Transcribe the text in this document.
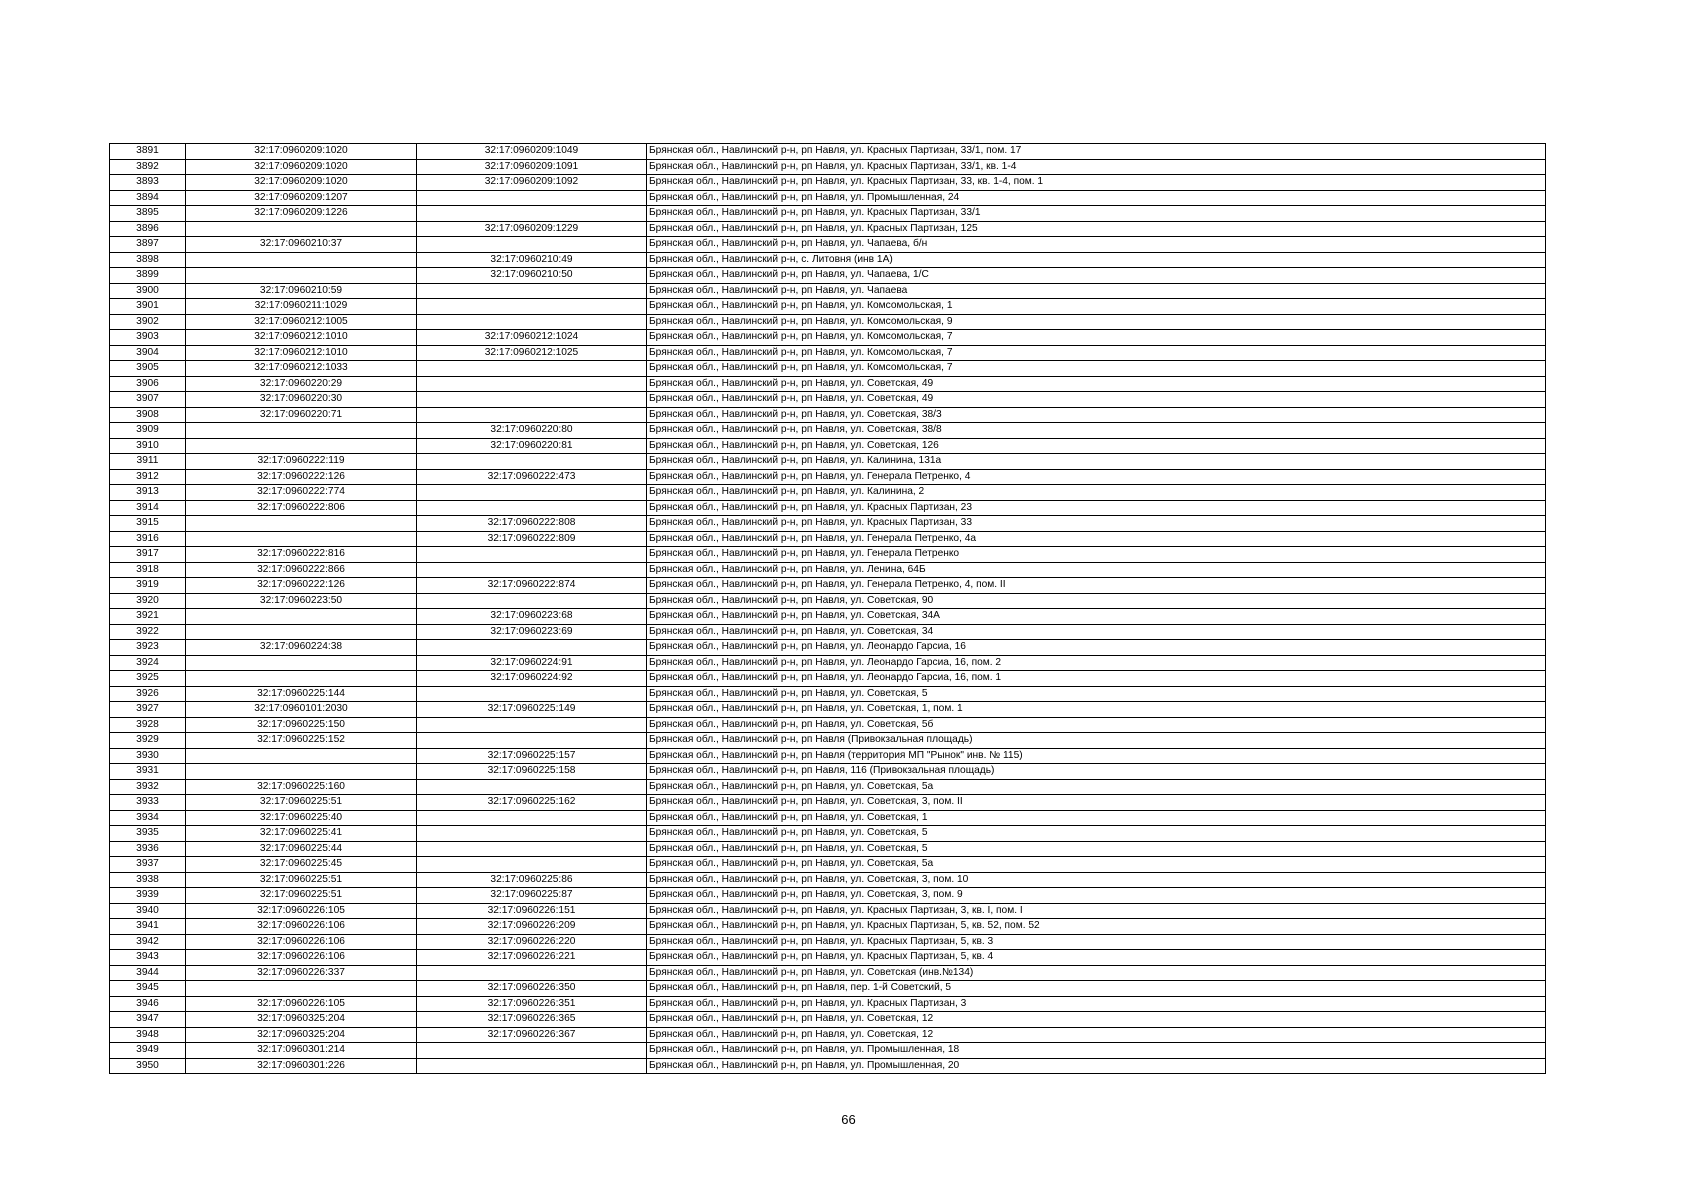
3891	32:17:0960209:1020	32:17:0960209:1049	Брянская обл., Навлинский р-н, рп Навля, ул. Красных Партизан, 33/1, пом. 17
3892	32:17:0960209:1020	32:17:0960209:1091	Брянская обл., Навлинский р-н, рп Навля, ул. Красных Партизан, 33/1, кв. 1-4
3893	32:17:0960209:1020	32:17:0960209:1092	Брянская обл., Навлинский р-н, рп Навля, ул. Красных Партизан, 33, кв. 1-4, пом. 1
3894	32:17:0960209:1207		Брянская обл., Навлинский р-н, рп Навля, ул. Промышленная, 24
3895	32:17:0960209:1226		Брянская обл., Навлинский р-н, рп Навля, ул. Красных Партизан, 33/1
3896		32:17:0960209:1229	Брянская обл., Навлинский р-н, рп Навля, ул. Красных Партизан, 125
3897	32:17:0960210:37		Брянская обл., Навлинский р-н, рп Навля, ул. Чапаева, б/н
3898		32:17:0960210:49	Брянская обл., Навлинский р-н, с. Литовня (инв 1А)
3899		32:17:0960210:50	Брянская обл., Навлинский р-н, рп Навля, ул. Чапаева, 1/С
3900	32:17:0960210:59		Брянская обл., Навлинский р-н, рп Навля, ул. Чапаева
3901	32:17:0960211:1029		Брянская обл., Навлинский р-н, рп Навля, ул. Комсомольская, 1
3902	32:17:0960212:1005		Брянская обл., Навлинский р-н, рп Навля, ул. Комсомольская, 9
3903	32:17:0960212:1010	32:17:0960212:1024	Брянская обл., Навлинский р-н, рп Навля, ул. Комсомольская, 7
3904	32:17:0960212:1010	32:17:0960212:1025	Брянская обл., Навлинский р-н, рп Навля, ул. Комсомольская, 7
3905	32:17:0960212:1033		Брянская обл., Навлинский р-н, рп Навля, ул. Комсомольская, 7
3906	32:17:0960220:29		Брянская обл., Навлинский р-н, рп Навля, ул. Советская, 49
3907	32:17:0960220:30		Брянская обл., Навлинский р-н, рп Навля, ул. Советская, 49
3908	32:17:0960220:71		Брянская обл., Навлинский р-н, рп Навля, ул. Советская, 38/3
3909		32:17:0960220:80	Брянская обл., Навлинский р-н, рп Навля, ул. Советская, 38/8
3910		32:17:0960220:81	Брянская обл., Навлинский р-н, рп Навля, ул. Советская, 126
3911	32:17:0960222:119		Брянская обл., Навлинский р-н, рп Навля, ул. Калинина, 131а
3912	32:17:0960222:126	32:17:0960222:473	Брянская обл., Навлинский р-н, рп Навля, ул. Генерала Петренко, 4
3913	32:17:0960222:774		Брянская обл., Навлинский р-н, рп Навля, ул. Калинина, 2
3914	32:17:0960222:806		Брянская обл., Навлинский р-н, рп Навля, ул. Красных Партизан, 23
3915		32:17:0960222:808	Брянская обл., Навлинский р-н, рп Навля, ул. Красных Партизан, 33
3916		32:17:0960222:809	Брянская обл., Навлинский р-н, рп Навля, ул. Генерала Петренко, 4а
3917	32:17:0960222:816		Брянская обл., Навлинский р-н, рп Навля, ул. Генерала Петренко
3918	32:17:0960222:866		Брянская обл., Навлинский р-н, рп Навля, ул. Ленина, 64Б
3919	32:17:0960222:126	32:17:0960222:874	Брянская обл., Навлинский р-н, рп Навля, ул. Генерала Петренко, 4, пом. II
3920	32:17:0960223:50		Брянская обл., Навлинский р-н, рп Навля, ул. Советская, 90
3921		32:17:0960223:68	Брянская обл., Навлинский р-н, рп Навля, ул. Советская, 34А
3922		32:17:0960223:69	Брянская обл., Навлинский р-н, рп Навля, ул. Советская, 34
3923	32:17:0960224:38		Брянская обл., Навлинский р-н, рп Навля, ул. Леонардо Гарсиа, 16
3924		32:17:0960224:91	Брянская обл., Навлинский р-н, рп Навля, ул. Леонардо Гарсиа, 16, пом. 2
3925		32:17:0960224:92	Брянская обл., Навлинский р-н, рп Навля, ул. Леонардо Гарсиа, 16, пом. 1
3926	32:17:0960225:144		Брянская обл., Навлинский р-н, рп Навля, ул. Советская, 5
3927	32:17:0960101:2030	32:17:0960225:149	Брянская обл., Навлинский р-н, рп Навля, ул. Советская, 1, пом. 1
3928	32:17:0960225:150		Брянская обл., Навлинский р-н, рп Навля, ул. Советская, 5б
3929	32:17:0960225:152		Брянская обл., Навлинский р-н, рп Навля (Привокзальная площадь)
3930		32:17:0960225:157	Брянская обл., Навлинский р-н, рп Навля (территория МП "Рынок" инв. № 115)
3931		32:17:0960225:158	Брянская обл., Навлинский р-н, рп Навля, 116 (Привокзальная площадь)
3932	32:17:0960225:160		Брянская обл., Навлинский р-н, рп Навля, ул. Советская, 5а
3933	32:17:0960225:51	32:17:0960225:162	Брянская обл., Навлинский р-н, рп Навля, ул. Советская, 3, пом. II
3934	32:17:0960225:40		Брянская обл., Навлинский р-н, рп Навля, ул. Советская, 1
3935	32:17:0960225:41		Брянская обл., Навлинский р-н, рп Навля, ул. Советская, 5
3936	32:17:0960225:44		Брянская обл., Навлинский р-н, рп Навля, ул. Советская, 5
3937	32:17:0960225:45		Брянская обл., Навлинский р-н, рп Навля, ул. Советская, 5а
3938	32:17:0960225:51	32:17:0960225:86	Брянская обл., Навлинский р-н, рп Навля, ул. Советская, 3, пом. 10
3939	32:17:0960225:51	32:17:0960225:87	Брянская обл., Навлинский р-н, рп Навля, ул. Советская, 3, пом. 9
3940	32:17:0960226:105	32:17:0960226:151	Брянская обл., Навлинский р-н, рп Навля, ул. Красных Партизан, 3, кв. I, пом. I
3941	32:17:0960226:106	32:17:0960226:209	Брянская обл., Навлинский р-н, рп Навля, ул. Красных Партизан, 5, кв. 52, пом. 52
3942	32:17:0960226:106	32:17:0960226:220	Брянская обл., Навлинский р-н, рп Навля, ул. Красных Партизан, 5, кв. 3
3943	32:17:0960226:106	32:17:0960226:221	Брянская обл., Навлинский р-н, рп Навля, ул. Красных Партизан, 5, кв. 4
3944	32:17:0960226:337		Брянская обл., Навлинский р-н, рп Навля, ул. Советская (инв.№134)
3945		32:17:0960226:350	Брянская обл., Навлинский р-н, рп Навля, пер. 1-й Советский, 5
3946	32:17:0960226:105	32:17:0960226:351	Брянская обл., Навлинский р-н, рп Навля, ул. Красных Партизан, 3
3947	32:17:0960325:204	32:17:0960226:365	Брянская обл., Навлинский р-н, рп Навля, ул. Советская, 12
3948	32:17:0960325:204	32:17:0960226:367	Брянская обл., Навлинский р-н, рп Навля, ул. Советская, 12
3949	32:17:0960301:214		Брянская обл., Навлинский р-н, рп Навля, ул. Промышленная, 18
3950	32:17:0960301:226		Брянская обл., Навлинский р-н, рп Навля, ул. Промышленная, 20
66
